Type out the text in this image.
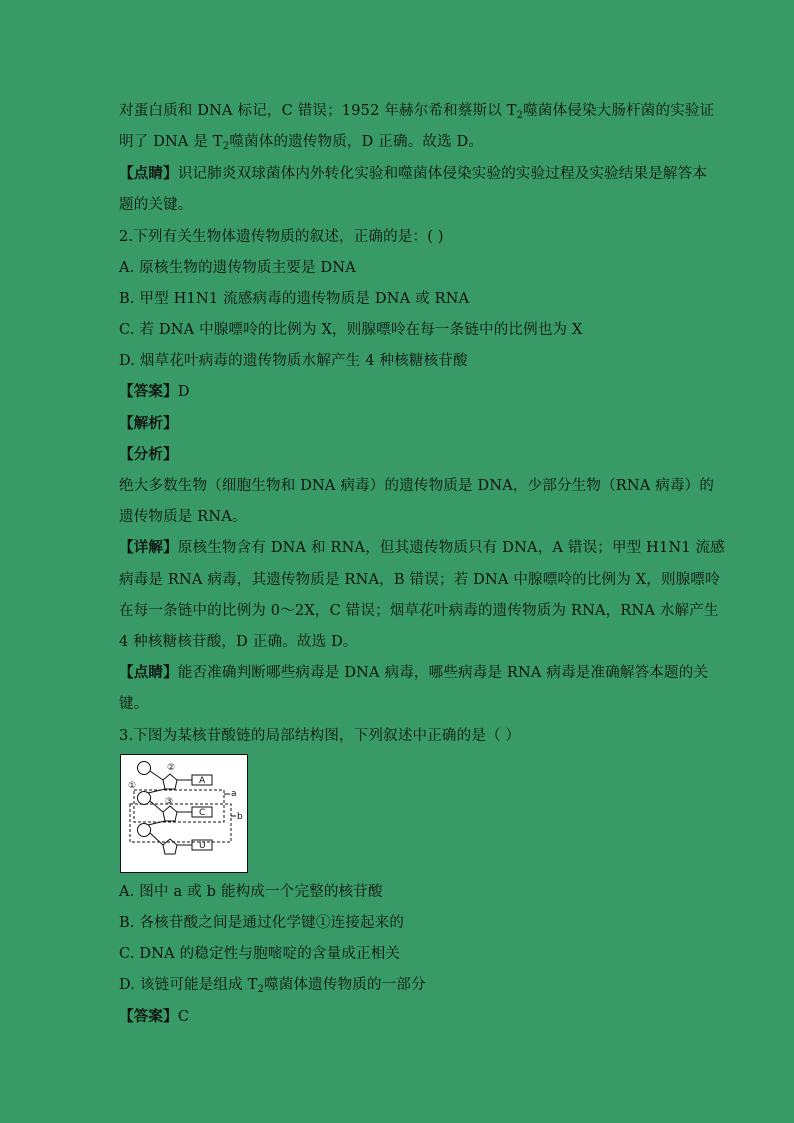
对蛋白质和 DNA 标记，C 错误；1952 年赫尔希和蔡斯以 $T_2$噬菌体侵染大肠杆菌的实验证
明了 DNA 是 $T_2$噬菌体的遗传物质，D 正确。故选 D。
【点睛】识记肺炎双球菌体内外转化实验和噬菌体侵染实验的实验过程及实验结果是解答本
题的关键。
2.下列有关生物体遗传物质的叙述，正确的是：( )
A. 原核生物的遗传物质主要是 DNA
B. 甲型 H1N1 流感病毒的遗传物质是 DNA 或 RNA
C. 若 DNA 中腺嘌呤的比例为 X，则腺嘌呤在每一条链中的比例也为 X
D. 烟草花叶病毒的遗传物质水解产生 4 种核糖核苷酸
【答案】D
【解析】
【分析】
绝大多数生物（细胞生物和 DNA 病毒）的遗传物质是 DNA，少部分生物（RNA 病毒）的
遗传物质是 RNA。
【详解】原核生物含有 DNA 和 RNA，但其遗传物质只有 DNA，A 错误；甲型 H1N1 流感
病毒是 RNA 病毒，其遗传物质是 RNA，B 错误；若 DNA 中腺嘌呤的比例为 X，则腺嘌呤
在每一条链中的比例为 0～2X，C 错误；烟草花叶病毒的遗传物质为 RNA，RNA 水解产生
4 种核糖核苷酸，D 正确。故选 D。
【点睛】能否准确判断哪些病毒是 DNA 病毒，哪些病毒是 RNA 病毒是准确解答本题的关
键。
3.下图为某核苷酸链的局部结构图，下列叙述中正确的是（ ）
①
②
③
a
b
A
C
U
A. 图中 a 或 b 能构成一个完整的核苷酸
B. 各核苷酸之间是通过化学键①连接起来的
C. DNA 的稳定性与胞嘧啶的含量成正相关
D. 该链可能是组成 $T_2$噬菌体遗传物质的一部分
【答案】C
